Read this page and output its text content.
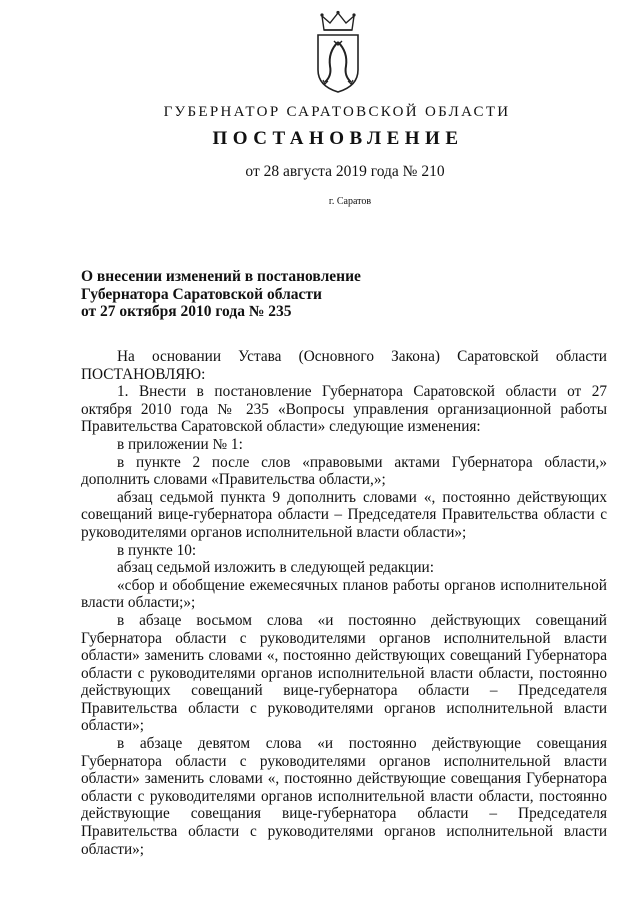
ГУБЕРНАТОР САРАТОВСКОЙ ОБЛАСТИ
ПОСТАНОВЛЕНИЕ
от 28 августа 2019 года № 210
г. Саратов
О внесении изменений в постановление
Губернатора Саратовской области
от 27 октября 2010 года № 235

На основании Устава (Основного Закона) Саратовской области ПОСТАНОВЛЯЮ:

1. Внести в постановление Губернатора Саратовской области от 27 октября 2010 года № 235 «Вопросы управления организационной работы Правительства Саратовской области» следующие изменения:

в приложении № 1:

в пункте 2 после слов «правовыми актами Губернатора области,» дополнить словами «Правительства области,»;

абзац седьмой пункта 9 дополнить словами «, постоянно действующих совещаний вице-губернатора области – Председателя Правительства области с руководителями органов исполнительной власти области»;

в пункте 10:

абзац седьмой изложить в следующей редакции:

«сбор и обобщение ежемесячных планов работы органов исполнительной власти области;»;

в абзаце восьмом слова «и постоянно действующих совещаний Губернатора области с руководителями органов исполнительной власти области» заменить словами «, постоянно действующих совещаний Губернатора области с руководителями органов исполнительной власти области, постоянно действующих совещаний вице-губернатора области – Председателя Правительства области с руководителями органов исполнительной власти области»;

в абзаце девятом слова «и постоянно действующие совещания Губернатора области с руководителями органов исполнительной власти области» заменить словами «, постоянно действующие совещания Губернатора области с руководителями органов исполнительной власти области, постоянно действующие совещания вице-губернатора области – Председателя Правительства области с руководителями органов исполнительной власти области»;
